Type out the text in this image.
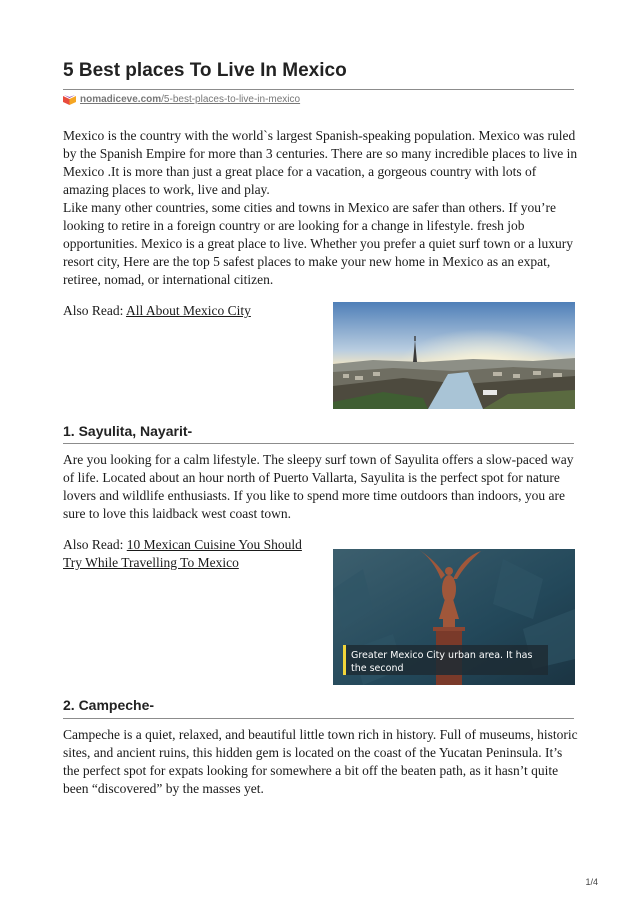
5 Best places To Live In Mexico
nomadiceve.com/5-best-places-to-live-in-mexico

Mexico is the country with the world`s largest Spanish-speaking population. Mexico was ruled by the Spanish Empire for more than 3 centuries. There are so many incredible places to live in Mexico .It is more than just a great place for a vacation, a gorgeous country with lots of amazing places to work, live and play.

Like many other countries, some cities and towns in Mexico are safer than others. If you’re looking to retire in a foreign country or are looking for a change in lifestyle. fresh job opportunities. Mexico is a great place to live. Whether you prefer a quiet surf town or a luxury resort city, Here are the top 5 safest places to make your new home in Mexico as an expat, retiree, nomad, or international citizen.

Also Read: All About Mexico City
1. Sayulita, Nayarit-
Are you looking for a calm lifestyle. The sleepy surf town of Sayulita offers a slow-paced way of life. Located about an hour north of Puerto Vallarta, Sayulita is the perfect spot for nature lovers and wildlife enthusiasts. If you like to spend more time outdoors than indoors, you are sure to love this laidback west coast town.
Also Read: 10 Mexican Cuisine You Should Try While Travelling To Mexico
Greater Mexico City urban area. It has
the second
2. Campeche-
Campeche is a quiet, relaxed, and beautiful little town rich in history. Full of museums, historic sites, and ancient ruins, this hidden gem is located on the coast of the Yucatan Peninsula. It’s the perfect spot for expats looking for somewhere a bit off the beaten path, as it hasn’t quite been “discovered” by the masses yet.
1/4
